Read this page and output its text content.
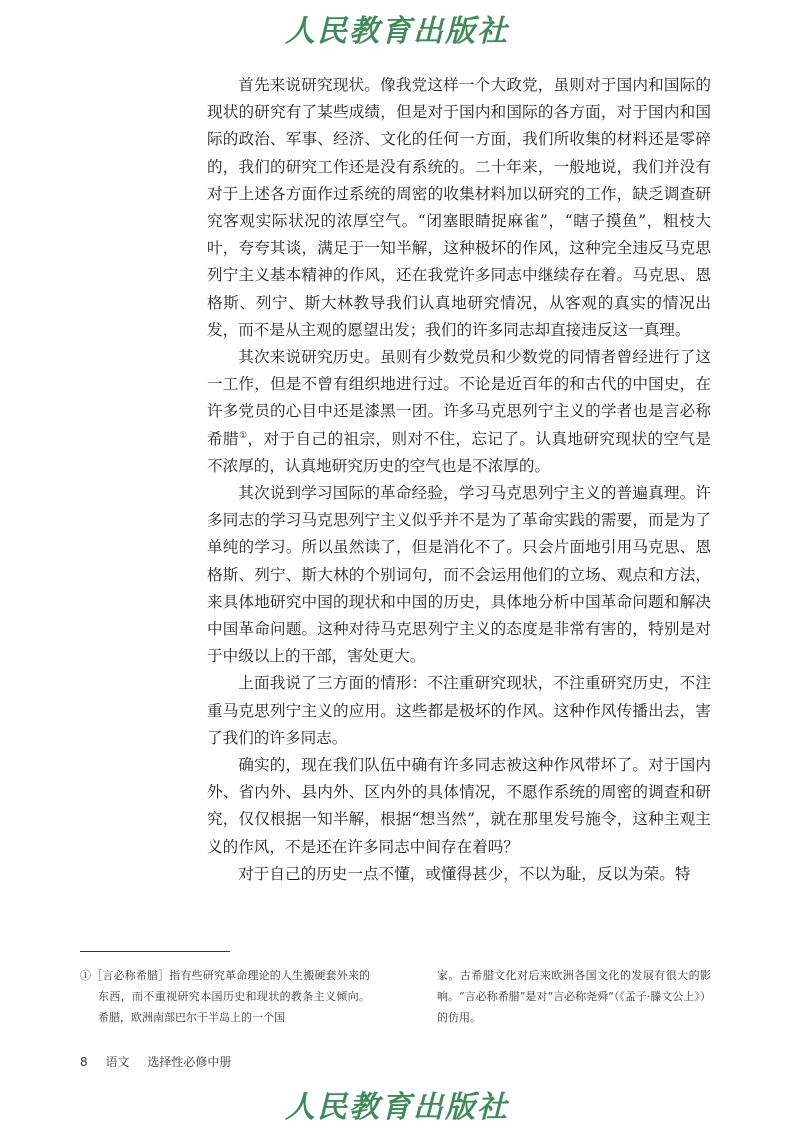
人民教育出版社

首先来说研究现状。像我党这样一个大政党，虽则对于国内和国际的现状的研究有了某些成绩，但是对于国内和国际的各方面，对于国内和国际的政治、军事、经济、文化的任何一方面，我们所收集的材料还是零碎的，我们的研究工作还是没有系统的。二十年来，一般地说，我们并没有对于上述各方面作过系统的周密的收集材料加以研究的工作，缺乏调查研究客观实际状况的浓厚空气。“闭塞眼睛捉麻雀”，“瞎子摸鱼”，粗枝大叶，夸夸其谈，满足于一知半解，这种极坏的作风，这种完全违反马克思列宁主义基本精神的作风，还在我党许多同志中继续存在着。马克思、恩格斯、列宁、斯大林教导我们认真地研究情况，从客观的真实的情况出发，而不是从主观的愿望出发；我们的许多同志却直接违反这一真理。

其次来说研究历史。虽则有少数党员和少数党的同情者曾经进行了这一工作，但是不曾有组织地进行过。不论是近百年的和古代的中国史，在许多党员的心目中还是漆黑一团。许多马克思列宁主义的学者也是言必称希腊①，对于自己的祖宗，则对不住，忘记了。认真地研究现状的空气是不浓厚的，认真地研究历史的空气也是不浓厚的。

其次说到学习国际的革命经验，学习马克思列宁主义的普遍真理。许多同志的学习马克思列宁主义似乎并不是为了革命实践的需要，而是为了单纯的学习。所以虽然读了，但是消化不了。只会片面地引用马克思、恩格斯、列宁、斯大林的个别词句，而不会运用他们的立场、观点和方法，来具体地研究中国的现状和中国的历史，具体地分析中国革命问题和解决中国革命问题。这种对待马克思列宁主义的态度是非常有害的，特别是对于中级以上的干部，害处更大。

上面我说了三方面的情形：不注重研究现状，不注重研究历史，不注重马克思列宁主义的应用。这些都是极坏的作风。这种作风传播出去，害了我们的许多同志。

确实的，现在我们队伍中确有许多同志被这种作风带坏了。对于国内外、省内外、县内外、区内外的具体情况，不愿作系统的周密的调查和研究，仅仅根据一知半解，根据“想当然”，就在那里发号施令，这种主观主义的作风，不是还在许多同志中间存在着吗？

对于自己的历史一点不懂，或懂得甚少，不以为耻，反以为荣。特

①［言必称希腊］指有些研究革命理论的人生搬硬套外来的东西，而不重视研究本国历史和现状的教条主义倾向。希腊，欧洲南部巴尔干半岛上的一个国
家。古希腊文化对后来欧洲各国文化的发展有很大的影响。“言必称希腊”是对“言必称尧舜”（《孟子·滕文公上》）的仿用。
8 语文 选择性必修中册
人民教育出版社
